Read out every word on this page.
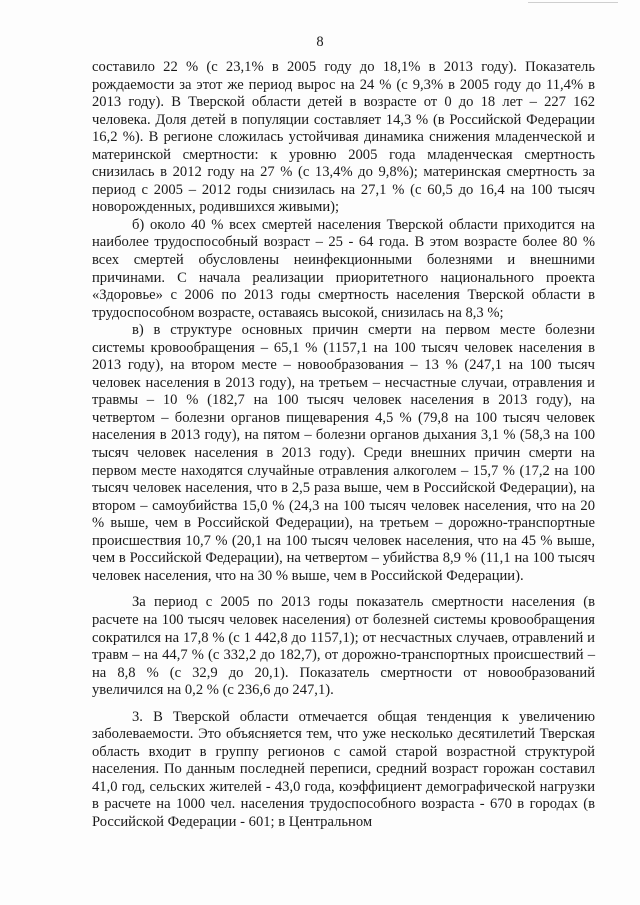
8

составило 22 % (с 23,1% в 2005 году до 18,1% в 2013 году). Показатель рождаемости за этот же период вырос на 24 % (с 9,3% в 2005 году до 11,4% в 2013 году). В Тверской области детей в возрасте от 0 до 18 лет – 227 162 человека. Доля детей в популяции составляет 14,3 % (в Российской Федерации 16,2 %). В регионе сложилась устойчивая динамика снижения младенческой и материнской смертности: к уровню 2005 года младенческая смертность снизилась в 2012 году на 27 % (с 13,4% до 9,8%); материнская смертность за период с 2005 – 2012 годы снизилась на 27,1 % (с 60,5 до 16,4 на 100 тысяч новорожденных, родившихся живыми);

б) около 40 % всех смертей населения Тверской области приходится на наиболее трудоспособный возраст – 25 - 64 года. В этом возрасте более 80 % всех смертей обусловлены неинфекционными болезнями и внешними причинами. С начала реализации приоритетного национального проекта «Здоровье» с 2006 по 2013 годы смертность населения Тверской области в трудоспособном возрасте, оставаясь высокой, снизилась на 8,3 %;

в) в структуре основных причин смерти на первом месте болезни системы кровообращения – 65,1 % (1157,1 на 100 тысяч человек населения в 2013 году), на втором месте – новообразования – 13 % (247,1 на 100 тысяч человек населения в 2013 году), на третьем – несчастные случаи, отравления и травмы – 10 % (182,7 на 100 тысяч человек населения в 2013 году), на четвертом – болезни органов пищеварения 4,5 % (79,8 на 100 тысяч человек населения в 2013 году), на пятом – болезни органов дыхания 3,1 % (58,3 на 100 тысяч человек населения в 2013 году). Среди внешних причин смерти на первом месте находятся случайные отравления алкоголем – 15,7 % (17,2 на 100 тысяч человек населения, что в 2,5 раза выше, чем в Российской Федерации), на втором – самоубийства 15,0 % (24,3 на 100 тысяч человек населения, что на 20 % выше, чем в Российской Федерации), на третьем – дорожно-транспортные происшествия 10,7 % (20,1 на 100 тысяч человек населения, что на 45 % выше, чем в Российской Федерации), на четвертом – убийства 8,9 % (11,1 на 100 тысяч человек населения, что на 30 % выше, чем в Российской Федерации).

За период с 2005 по 2013 годы показатель смертности населения (в расчете на 100 тысяч человек населения) от болезней системы кровообращения сократился на 17,8 % (с 1 442,8 до 1157,1); от несчастных случаев, отравлений и травм – на 44,7 % (с 332,2 до 182,7), от дорожно-транспортных происшествий – на 8,8 % (с 32,9 до 20,1). Показатель смертности от новообразований увеличился на 0,2 % (с 236,6 до 247,1).

3. В Тверской области отмечается общая тенденция к увеличению заболеваемости. Это объясняется тем, что уже несколько десятилетий Тверская область входит в группу регионов с самой старой возрастной структурой населения. По данным последней переписи, средний возраст горожан составил 41,0 год, сельских жителей - 43,0 года, коэффициент демографической нагрузки в расчете на 1000 чел. населения трудоспособного возраста - 670 в городах (в Российской Федерации - 601; в Центральном
